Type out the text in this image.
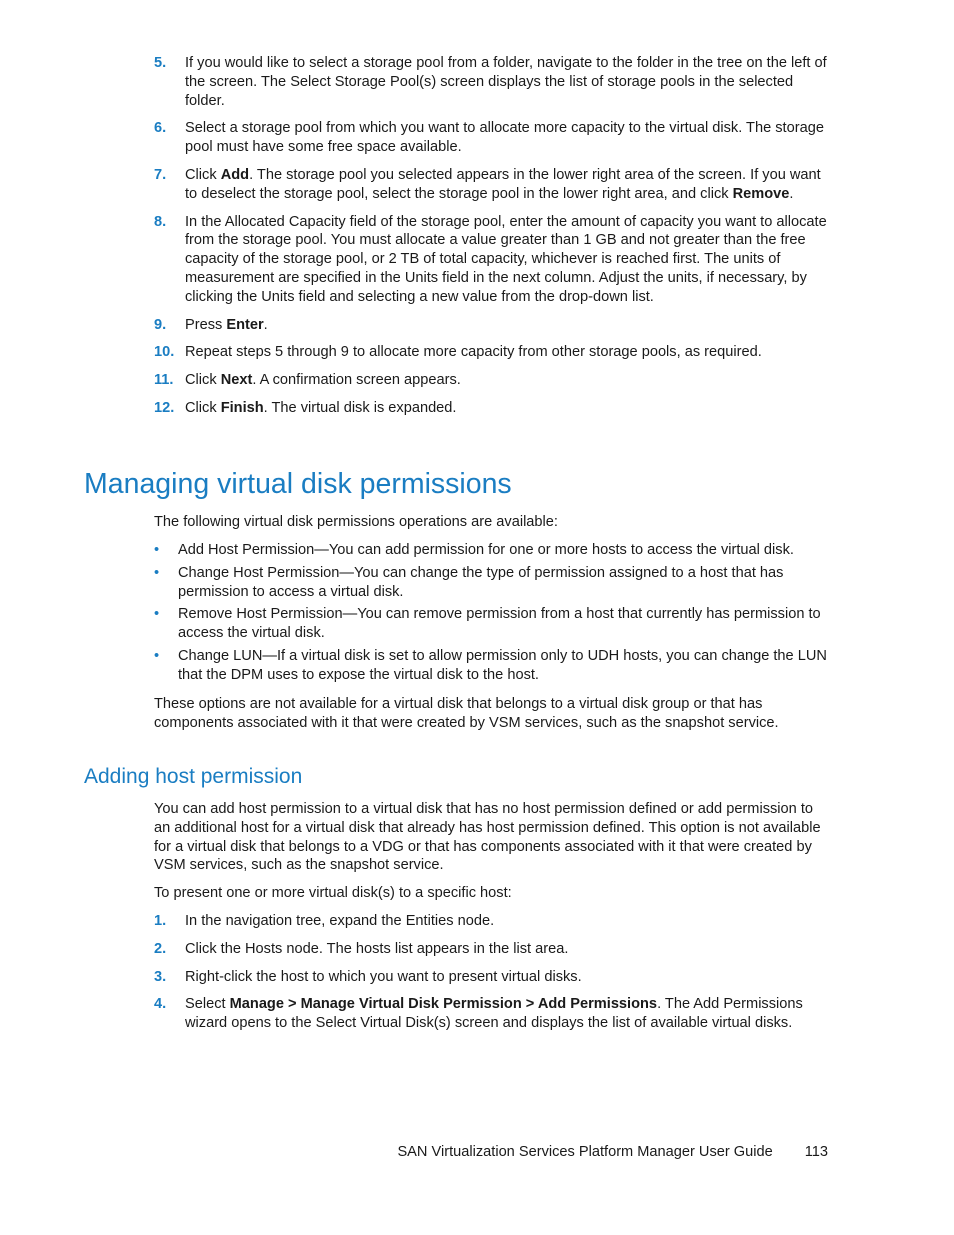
5. If you would like to select a storage pool from a folder, navigate to the folder in the tree on the left of the screen. The Select Storage Pool(s) screen displays the list of storage pools in the selected folder.
6. Select a storage pool from which you want to allocate more capacity to the virtual disk. The storage pool must have some free space available.
7. Click Add. The storage pool you selected appears in the lower right area of the screen. If you want to deselect the storage pool, select the storage pool in the lower right area, and click Remove.
8. In the Allocated Capacity field of the storage pool, enter the amount of capacity you want to allocate from the storage pool. You must allocate a value greater than 1 GB and not greater than the free capacity of the storage pool, or 2 TB of total capacity, whichever is reached first. The units of measurement are specified in the Units field in the next column. Adjust the units, if necessary, by clicking the Units field and selecting a new value from the drop-down list.
9. Press Enter.
10. Repeat steps 5 through 9 to allocate more capacity from other storage pools, as required.
11. Click Next. A confirmation screen appears.
12. Click Finish. The virtual disk is expanded.
Managing virtual disk permissions

The following virtual disk permissions operations are available:

• Add Host Permission—You can add permission for one or more hosts to access the virtual disk.
• Change Host Permission—You can change the type of permission assigned to a host that has permission to access a virtual disk.
• Remove Host Permission—You can remove permission from a host that currently has permission to access the virtual disk.
• Change LUN—If a virtual disk is set to allow permission only to UDH hosts, you can change the LUN that the DPM uses to expose the virtual disk to the host.

These options are not available for a virtual disk that belongs to a virtual disk group or that has components associated with it that were created by VSM services, such as the snapshot service.

Adding host permission

You can add host permission to a virtual disk that has no host permission defined or add permission to an additional host for a virtual disk that already has host permission defined. This option is not available for a virtual disk that belongs to a VDG or that has components associated with it that were created by VSM services, such as the snapshot service.

To present one or more virtual disk(s) to a specific host:

1. In the navigation tree, expand the Entities node.
2. Click the Hosts node. The hosts list appears in the list area.
3. Right-click the host to which you want to present virtual disks.
4. Select Manage > Manage Virtual Disk Permission > Add Permissions. The Add Permissions wizard opens to the Select Virtual Disk(s) screen and displays the list of available virtual disks.
SAN Virtualization Services Platform Manager User Guide 113
